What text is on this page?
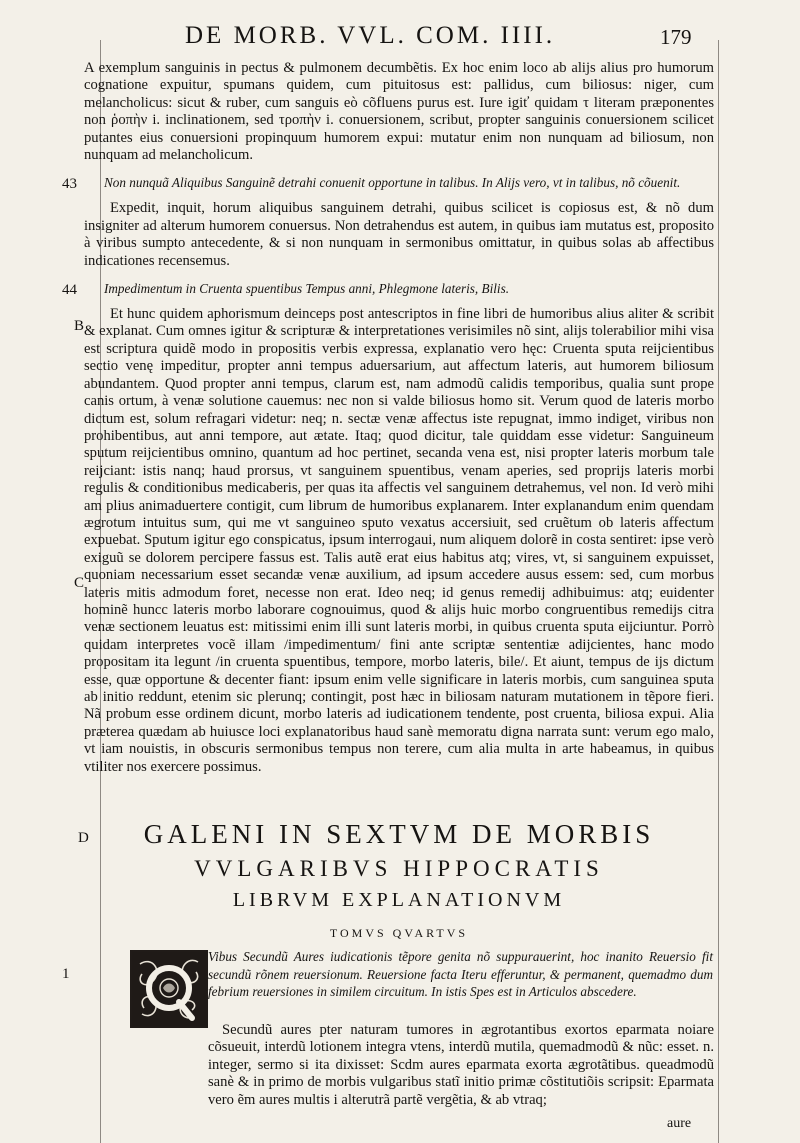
DE MORB. VVL. COM. IIII.	179
43
44
B
C
D
1

A exemplum sanguinis in pectus & pulmonem decumbẽtis. Ex hoc enim loco ab alijs alius pro humorum cognatione expuitur, spumans quidem, cum pituitosus est: pallidus, cum biliosus: niger, cum melancholicus: sicut & ruber, cum sanguis eò cõfluens purus est. Iure igiť quidam τ literam præponentes non ῥοπὴν i. inclinationem, sed τροπὴν i. conuersionem, scribut, propter sanguinis conuersionem scilicet putantes eius conuersioni propinquum humorem expui: mutatur enim non nunquam ad biliosum, non nunquam ad melancholicum.

Non nunquã Aliquibus Sanguinẽ detrahi conuenit opportune in talibus. In Alijs vero, vt in talibus, nõ cõuenit.

Expedit, inquit, horum aliquibus sanguinem detrahi, quibus scilicet is copiosus est, & nõ dum insigniter ad alterum humorem conuersus. Non detrahendus est autem, in quibus iam mutatus est, proposito à viribus sumpto antecedente, & si non nunquam in sermonibus omittatur, in quibus solas ab affectibus indicationes recensemus.

Impedimentum in Cruenta spuentibus Tempus anni, Phlegmone lateris, Bilis.

Et hunc quidem aphorismum deinceps post antescriptos in fine libri de humoribus alius aliter & scribit & explanat. Cum omnes igitur & scripturæ & interpretationes verisimiles nõ sint, alijs tolerabilior mihi visa est scriptura quidẽ modo in propositis verbis expressa, explanatio vero hęc: Cruenta sputa reijcientibus sectio venę impeditur, propter anni tempus aduersarium, aut affectum lateris, aut humorem biliosum abundantem. Quod propter anni tempus, clarum est, nam admodũ calidis temporibus, qualia sunt prope canis ortum, à venæ solutione cauemus: nec non si valde biliosus homo sit. Verum quod de lateris morbo dictum est, solum refragari videtur: neq; n. sectæ venæ affectus iste repugnat, immo indiget, viribus non prohibentibus, aut anni tempore, aut ætate. Itaq; quod dicitur, tale quiddam esse videtur: Sanguineum sputum reijcientibus omnino, quantum ad hoc pertinet, secanda vena est, nisi propter lateris morbum tale reijciant: istis nanq; haud prorsus, vt sanguinem spuentibus, venam aperies, sed proprijs lateris morbi regulis & conditionibus medicaberis, per quas ita affectis vel sanguinem detrahemus, vel non. Id verò mihi am plius animaduertere contigit, cum librum de humoribus explanarem. Inter explanandum enim quendam ægrotum intuitus sum, qui me vt sanguineo sputo vexatus accersiuit, sed cruẽtum ob lateris affectum expuebat. Sputum igitur ego conspicatus, ipsum interrogaui, num aliquem dolorẽ in costa sentiret: ipse verò exiguũ se dolorem percipere fassus est. Talis autẽ erat eius habitus atq; vires, vt, si sanguinem expuisset, quoniam necessarium esset secandæ venæ auxilium, ad ipsum accedere ausus essem: sed, cum morbus lateris mitis admodum foret, necesse non erat. Ideo neq; id genus remedij adhibuimus: atq; euidenter hominẽ huncc lateris morbo laborare cognouimus, quod & alijs huic morbo congruentibus remedijs citra venæ sectionem leuatus est: mitissimi enim illi sunt lateris morbi, in quibus cruenta sputa eijciuntur. Porrò quidam interpretes vocẽ illam /impedimentum/ fini ante scriptæ sententiæ adijcientes, hanc modo propositam ita legunt /in cruenta spuentibus, tempore, morbo lateris, bile/. Et aiunt, tempus de ijs dictum esse, quæ opportune & decenter fiant: ipsum enim velle significare in lateris morbis, cum sanguinea sputa ab initio reddunt, etenim sic plerunq; contingit, post hæc in biliosam naturam mutationem in tẽpore fieri. Nã probum esse ordinem dicunt, morbo lateris ad iudicationem tendente, post cruenta, biliosa expui. Alia præterea quædam ab huiusce loci explanatoribus haud sanè memoratu digna narrata sunt: verum ego malo, vt iam nouistis, in obscuris sermonibus tempus non terere, cum alia multa in arte habeamus, in quibus vtiliter nos exercere possimus.

GALENI IN SEXTVM DE MORBIS
VVLGARIBVS HIPPOCRATIS
LIBRVM EXPLANATIONVM
TOMVS QVARTVS
Vibus Secundũ Aures iudicationis tẽpore genita nõ suppurauerint, hoc inanito Reuersio fit secundũ rõnem reuersionum. Reuersione facta Iteru efferuntur, & permanent, quemadmo dum febrium reuersiones in similem circuitum. In istis Spes est in Articulos abscedere.

Secundũ aures pter naturam tumores in ægrotantibus exortos eparmata noiare cõsueuit, interdũ lotionem integra vtens, interdũ mutila, quemadmodũ & nũc: esset. n. integer, sermo si ita dixisset: Scdm aures eparmata exorta ægrotãtibus. queadmodũ sanè & in primo de morbis vulgaribus statĩ initio primæ cõstitutiõis scripsit: Eparmata vero ẽm aures multis i alterutrã partẽ vergẽtia, & ab vtraq;

aure
